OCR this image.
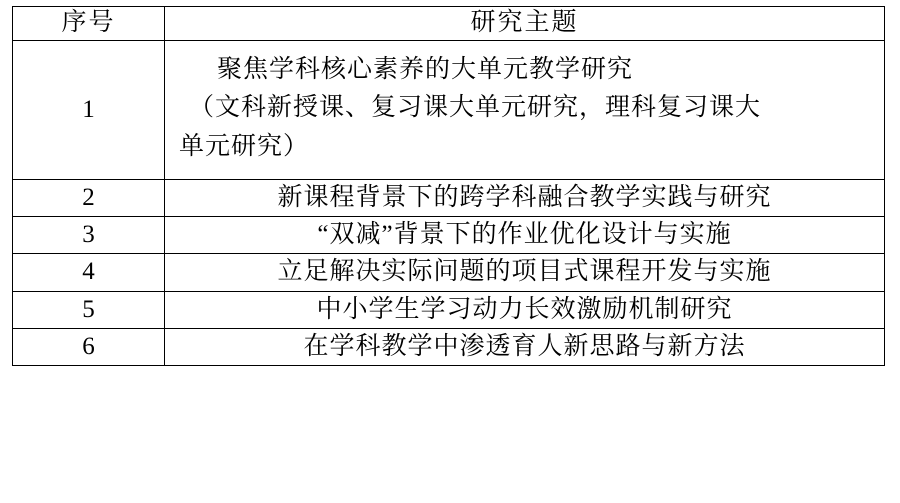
序号	研究主题
1	聚焦学科核心素养的大单元教学研究
（文科新授课、复习课大单元研究，理科复习课大
单元研究）

2	新课程背景下的跨学科融合教学实践与研究
3	“双减”背景下的作业优化设计与实施
4	立足解决实际问题的项目式课程开发与实施
5	中小学生学习动力长效激励机制研究
6	在学科教学中渗透育人新思路与新方法
